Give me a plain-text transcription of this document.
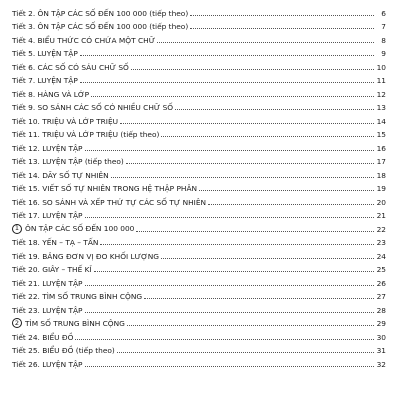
Tiết 2. ÔN TẬP CÁC SỐ ĐẾN 100 000 (tiếp theo)	6
Tiết 3. ÔN TẬP CÁC SỐ ĐẾN 100 000 (tiếp theo)	7
Tiết 4. BIỂU THỨC CÓ CHỨA MỘT CHỮ	8
Tiết 5. LUYỆN TẬP	9
Tiết 6. CÁC SỐ CÓ SÁU CHỮ SỐ	10
Tiết 7. LUYỆN TẬP	11
Tiết 8. HÀNG VÀ LỚP	12
Tiết 9. SO SÁNH CÁC SỐ CÓ NHIỀU CHỮ SỐ	13
Tiết 10. TRIỆU VÀ LỚP TRIỆU	14
Tiết 11. TRIỆU VÀ LỚP TRIỆU (tiếp theo)	15
Tiết 12. LUYỆN TẬP	16
Tiết 13. LUYỆN TẬP (tiếp theo)	17
Tiết 14. DÃY SỐ TỰ NHIÊN	18
Tiết 15. VIẾT SỐ TỰ NHIÊN TRONG HỆ THẬP PHÂN	19
Tiết 16. SO SÁNH VÀ XẾP THỨ TỰ CÁC SỐ TỰ NHIÊN	20
Tiết 17. LUYỆN TẬP	21
1 ÔN TẬP CÁC SỐ ĐẾN 100 000	22
Tiết 18. YẾN – TẠ – TẤN	23
Tiết 19. BẢNG ĐƠN VỊ ĐO KHỐI LƯỢNG	24
Tiết 20. GIÂY – THẾ KỈ	25
Tiết 21. LUYỆN TẬP	26
Tiết 22. TÌM SỐ TRUNG BÌNH CỘNG	27
Tiết 23. LUYỆN TẬP	28
2 TÌM SỐ TRUNG BÌNH CỘNG	29
Tiết 24. BIỂU ĐỒ	30
Tiết 25. BIỂU ĐỒ (tiếp theo)	31
Tiết 26. LUYỆN TẬP	32
